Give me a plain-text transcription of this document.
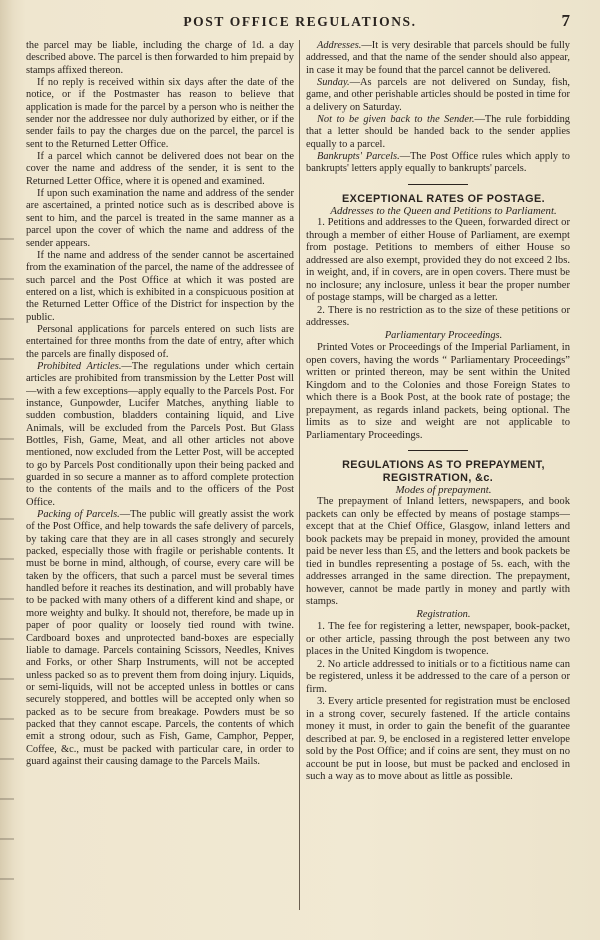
POST OFFICE REGULATIONS.	7

the parcel may be liable, including the charge of 1d. a day described above. The parcel is then forwarded to him prepaid by stamps affixed thereon.

If no reply is received within six days after the date of the notice, or if the Postmaster has reason to believe that application is made for the parcel by a person who is neither the sender nor the addressee nor duly authorized by either, or if the sender fails to pay the charges due on the parcel, the parcel is sent to the Returned Letter Office.

If a parcel which cannot be delivered does not bear on the cover the name and address of the sender, it is sent to the Returned Letter Office, where it is opened and examined.

If upon such examination the name and address of the sender are ascertained, a printed notice such as is described above is sent to him, and the parcel is treated in the same manner as a parcel upon the cover of which the name and address of the sender appears.

If the name and address of the sender cannot be ascertained from the examination of the parcel, the name of the addressee of such parcel and the Post Office at which it was posted are entered on a list, which is exhibited in a conspicuous position at the Returned Letter Office of the District for inspection by the public.

Personal applications for parcels entered on such lists are entertained for three months from the date of entry, after which the parcels are finally disposed of.

Prohibited Articles.—The regulations under which certain articles are prohibited from transmission by the Letter Post will—with a few exceptions—apply equally to the Parcels Post. For instance, Gunpowder, Lucifer Matches, anything liable to sudden combustion, bladders containing liquid, and Live Animals, will be excluded from the Parcels Post. But Glass Bottles, Fish, Game, Meat, and all other articles not above mentioned, now excluded from the Letter Post, will be accepted to go by Parcels Post conditionally upon their being packed and guarded in so secure a manner as to afford complete protection to the contents of the mails and to the officers of the Post Office.

Packing of Parcels.—The public will greatly assist the work of the Post Office, and help towards the safe delivery of parcels, by taking care that they are in all cases strongly and securely packed, especially those with fragile or perishable contents. It must be borne in mind, although, of course, every care will be taken by the officers, that such a parcel must be several times handled before it reaches its destination, and will probably have to be packed with many others of a different kind and shape, or more weighty and bulky. It should not, therefore, be made up in paper of poor quality or loosely tied round with twine. Cardboard boxes and unprotected band-boxes are especially liable to damage. Parcels containing Scissors, Needles, Knives and Forks, or other Sharp Instruments, will not be accepted unless packed so as to prevent them from doing injury. Liquids, or semi-liquids, will not be accepted unless in bottles or cans securely stoppered, and bottles will be accepted only when so packed as to be secure from breakage. Powders must be so packed that they cannot escape. Parcels, the contents of which emit a strong odour, such as Fish, Game, Camphor, Pepper, Coffee, &c., must be packed with particular care, in order to guard against their causing damage to the Parcels Mails.

Addresses.—It is very desirable that parcels should be fully addressed, and that the name of the sender should also appear, in case it may be found that the parcel cannot be delivered.

Sunday.—As parcels are not delivered on Sunday, fish, game, and other perishable articles should be posted in time for a delivery on Saturday.

Not to be given back to the Sender.—The rule forbidding that a letter should be handed back to the sender applies equally to a parcel.

Bankrupts' Parcels.—The Post Office rules which apply to bankrupts' letters apply equally to bankrupts' parcels.

EXCEPTIONAL RATES OF POSTAGE.

Addresses to the Queen and Petitions to Parliament.

1. Petitions and addresses to the Queen, forwarded direct or through a member of either House of Parliament, are exempt from postage. Petitions to members of either House so addressed are also exempt, provided they do not exceed 2 lbs. in weight, and, if in covers, are in open covers. There must be no inclosure; any inclosure, unless it bear the proper number of postage stamps, will be charged as a letter.

2. There is no restriction as to the size of these petitions or addresses.

Parliamentary Proceedings.

Printed Votes or Proceedings of the Imperial Parliament, in open covers, having the words “ Parliamentary Proceedings” written or printed thereon, may be sent within the United Kingdom and to the Colonies and those Foreign States to which there is a Book Post, at the book rate of postage; the prepayment, as regards inland packets, being optional. The limits as to size and weight are not applicable to Parliamentary Proceedings.

REGULATIONS AS TO PREPAYMENT, REGISTRATION, &c.

Modes of prepayment.

The prepayment of Inland letters, newspapers, and book packets can only be effected by means of postage stamps—except that at the Chief Office, Glasgow, inland letters and book packets may be prepaid in money, provided the amount paid be never less than £5, and the letters and book packets be tied in bundles representing a postage of 5s. each, with the addresses arranged in the same direction. The prepayment, however, cannot be made partly in money and partly with stamps.

Registration.

1. The fee for registering a letter, newspaper, book-packet, or other article, passing through the post between any two places in the United Kingdom is twopence.

2. No article addressed to initials or to a fictitious name can be registered, unless it be addressed to the care of a person or firm.

3. Every article presented for registration must be enclosed in a strong cover, securely fastened. If the article contains money it must, in order to gain the benefit of the guarantee described at par. 9, be enclosed in a registered letter envelope sold by the Post Office; and if coins are sent, they must on no account be put in loose, but must be packed and enclosed in such a way as to move about as little as possible.
